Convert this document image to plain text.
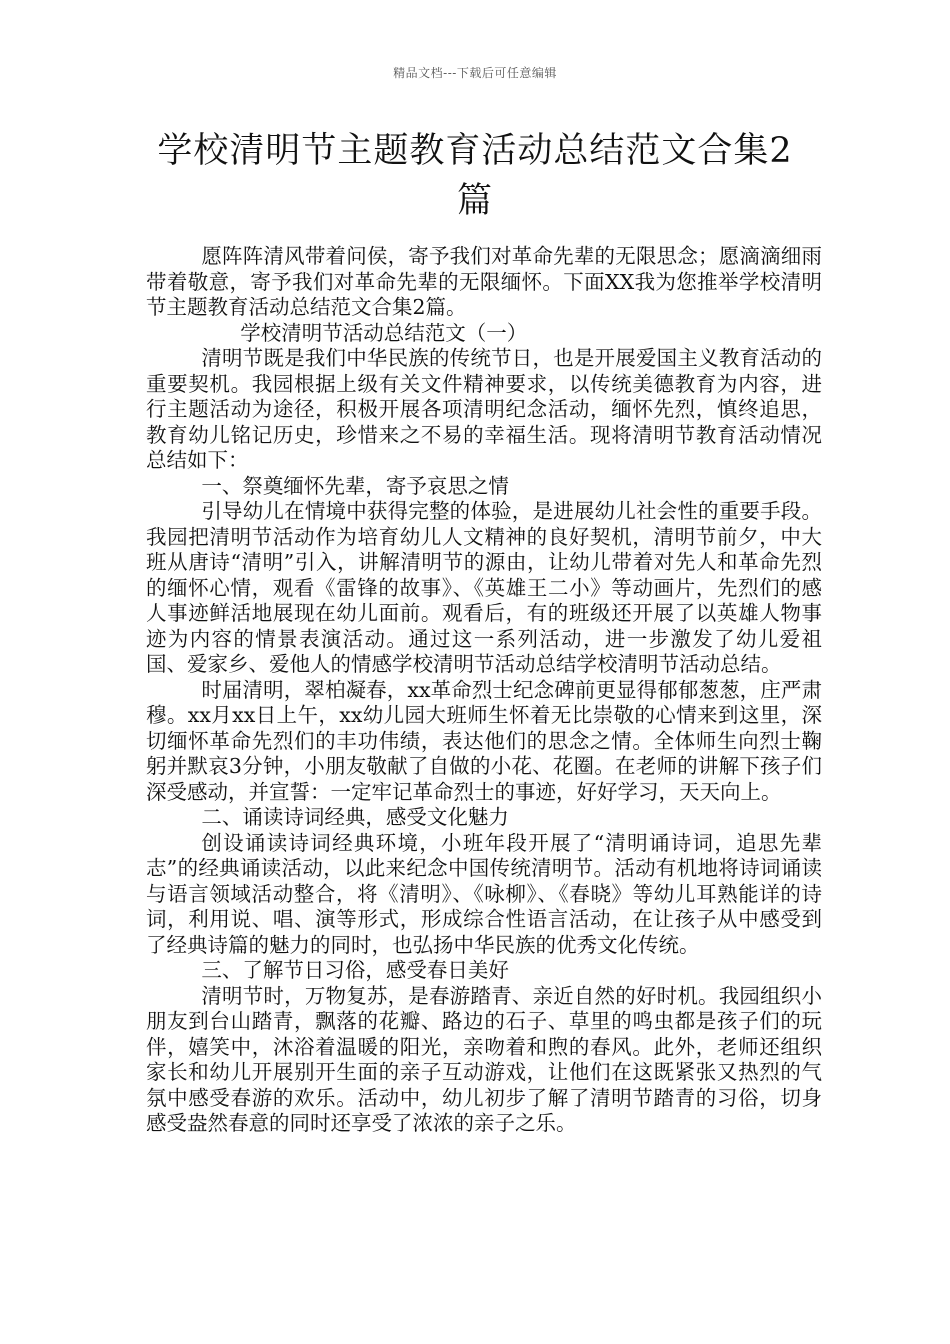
精品文档---下载后可任意编辑
学校清明节主题教育活动总结范文合集2篇

愿阵阵清风带着问侯，寄予我们对革命先辈的无限思念；愿滴滴细雨带着敬意，寄予我们对革命先辈的无限缅怀。下面XX我为您推举学校清明节主题教育活动总结范文合集2篇。

学校清明节活动总结范文（一）

清明节既是我们中华民族的传统节日，也是开展爱国主义教育活动的重要契机。我园根据上级有关文件精神要求，以传统美德教育为内容，进行主题活动为途径，积极开展各项清明纪念活动，缅怀先烈，慎终追思，教育幼儿铭记历史，珍惜来之不易的幸福生活。现将清明节教育活动情况总结如下：

一、祭奠缅怀先辈，寄予哀思之情

引导幼儿在情境中获得完整的体验，是进展幼儿社会性的重要手段。我园把清明节活动作为培育幼儿人文精神的良好契机，清明节前夕，中大班从唐诗“清明”引入，讲解清明节的源由，让幼儿带着对先人和革命先烈的缅怀心情，观看《雷锋的故事》、《英雄王二小》等动画片，先烈们的感人事迹鲜活地展现在幼儿面前。观看后，有的班级还开展了以英雄人物事迹为内容的情景表演活动。通过这一系列活动，进一步激发了幼儿爱祖国、爱家乡、爱他人的情感学校清明节活动总结学校清明节活动总结。

时届清明，翠柏凝春，xx革命烈士纪念碑前更显得郁郁葱葱，庄严肃穆。xx月xx日上午，xx幼儿园大班师生怀着无比崇敬的心情来到这里，深切缅怀革命先烈们的丰功伟绩，表达他们的思念之情。全体师生向烈士鞠躬并默哀3分钟，小朋友敬献了自做的小花、花圈。在老师的讲解下孩子们深受感动，并宣誓：一定牢记革命烈士的事迹，好好学习，天天向上。

二、诵读诗词经典，感受文化魅力

创设诵读诗词经典环境，小班年段开展了“清明诵诗词，追思先辈志”的经典诵读活动，以此来纪念中国传统清明节。活动有机地将诗词诵读与语言领域活动整合，将《清明》、《咏柳》、《春晓》等幼儿耳熟能详的诗词，利用说、唱、演等形式，形成综合性语言活动，在让孩子从中感受到了经典诗篇的魅力的同时，也弘扬中华民族的优秀文化传统。

三、了解节日习俗，感受春日美好

清明节时，万物复苏，是春游踏青、亲近自然的好时机。我园组织小朋友到台山踏青，飘落的花瓣、路边的石子、草里的鸣虫都是孩子们的玩伴，嬉笑中，沐浴着温暖的阳光，亲吻着和煦的春风。此外，老师还组织家长和幼儿开展别开生面的亲子互动游戏，让他们在这既紧张又热烈的气氛中感受春游的欢乐。活动中，幼儿初步了解了清明节踏青的习俗，切身感受盎然春意的同时还享受了浓浓的亲子之乐。
